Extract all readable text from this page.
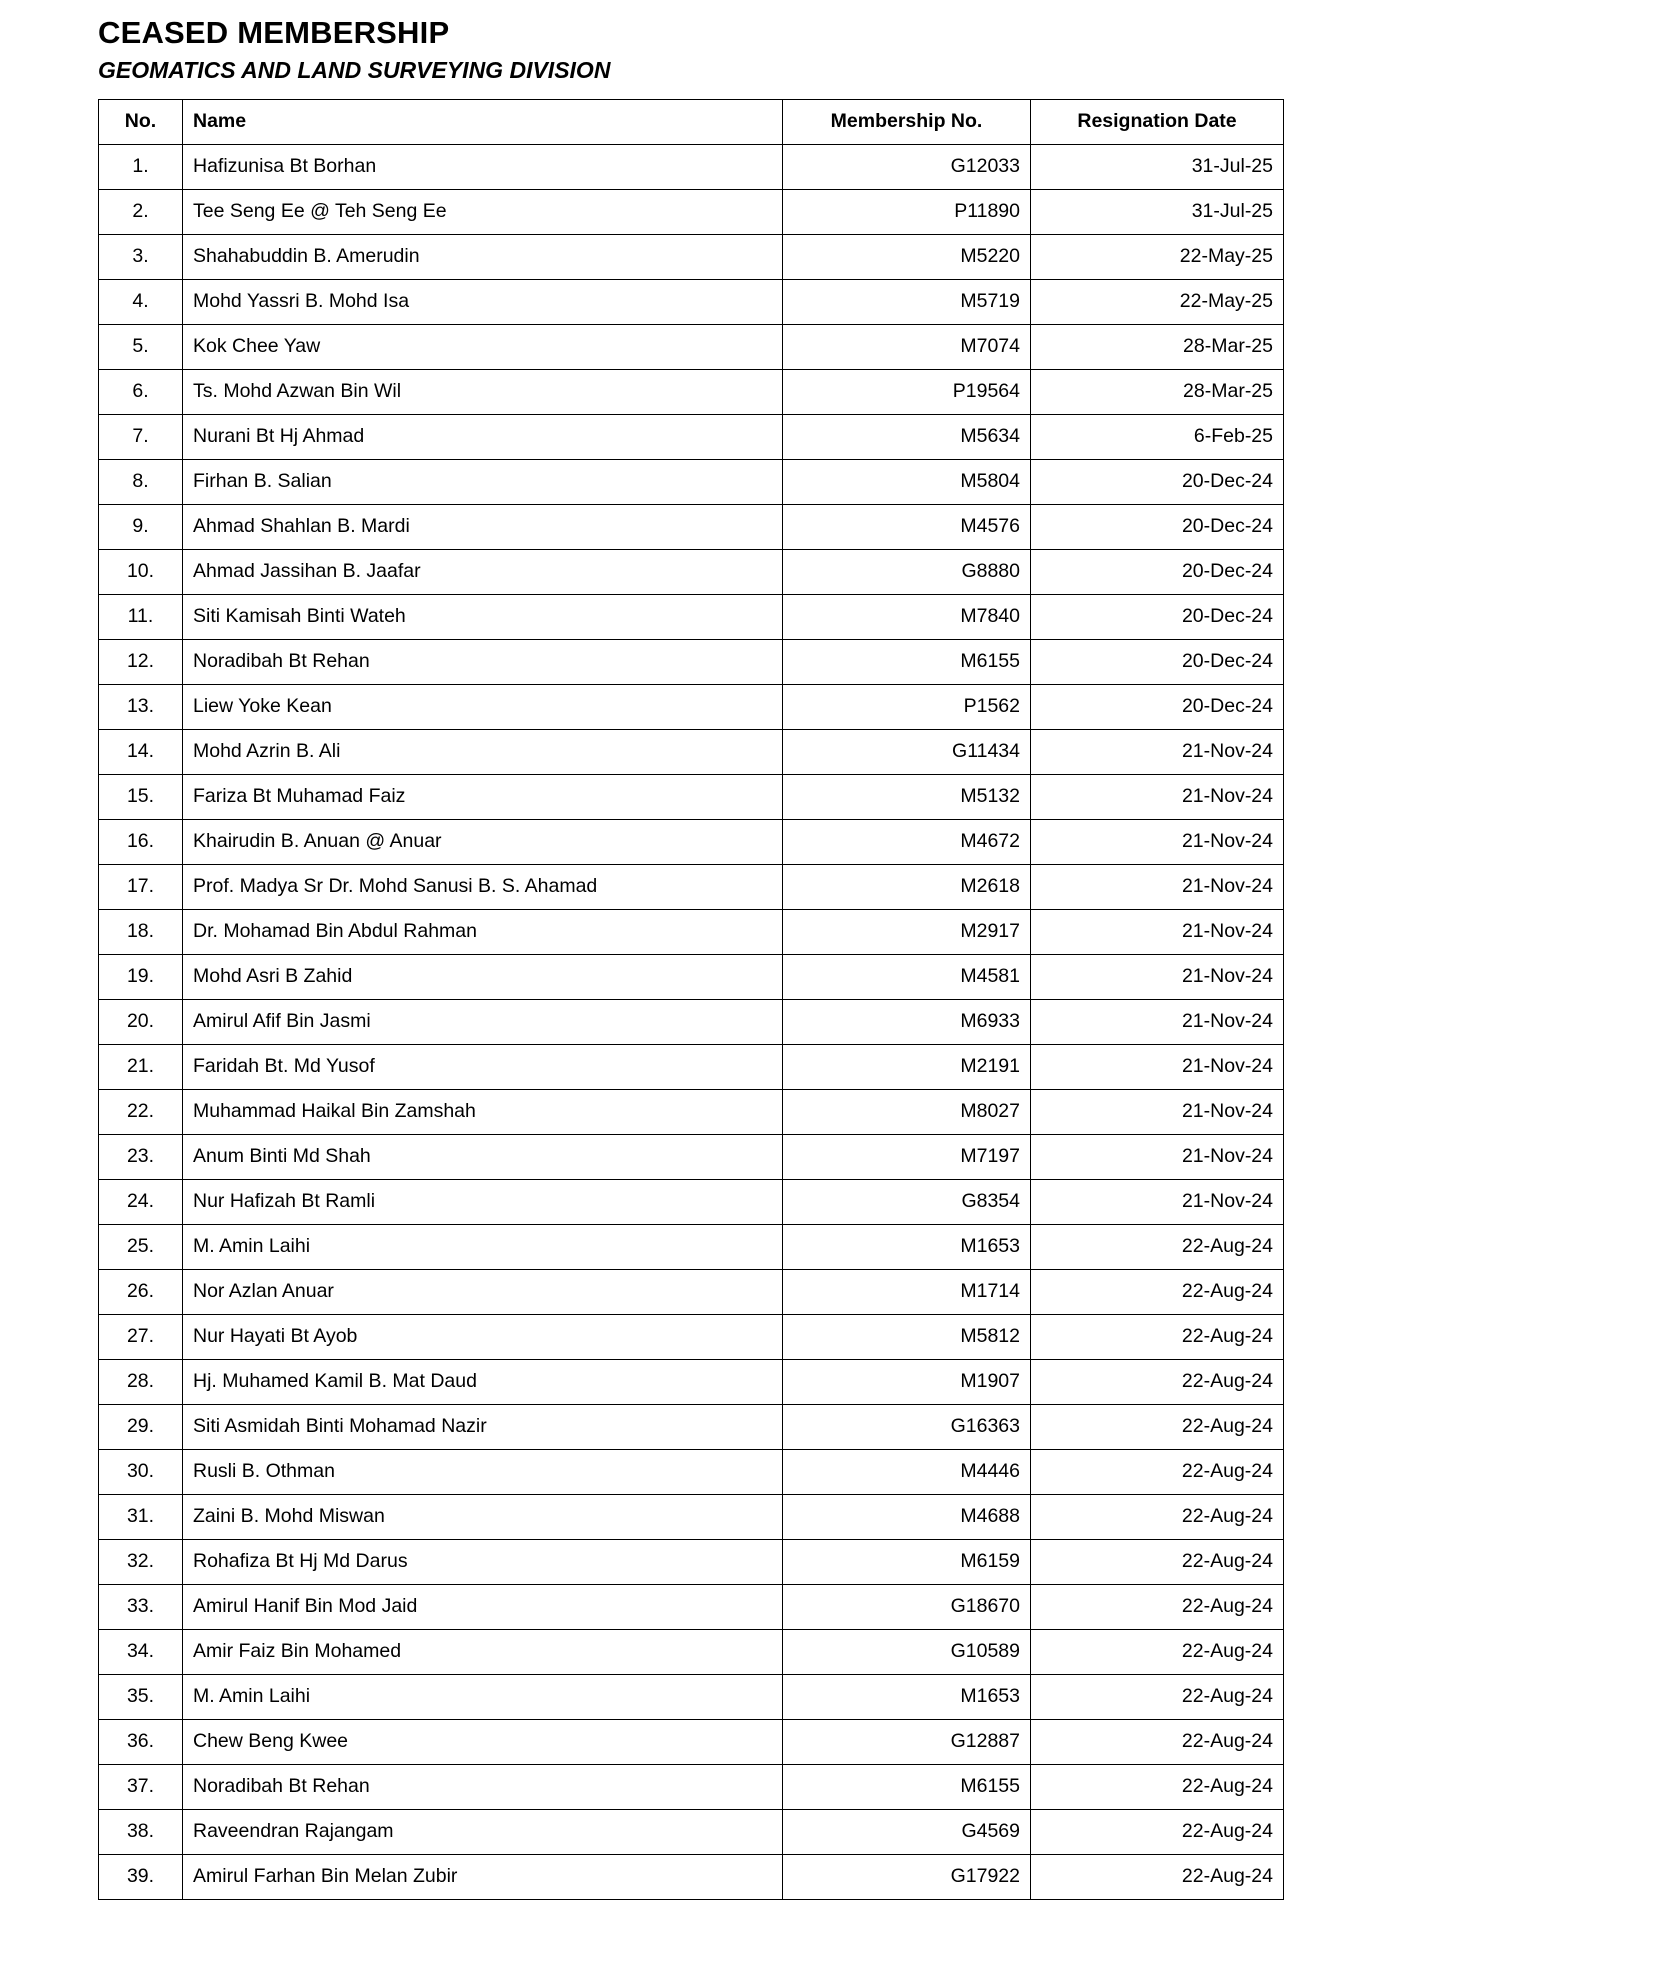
CEASED MEMBERSHIP
GEOMATICS AND LAND SURVEYING DIVISION
No.	Name	Membership No.	Resignation Date
1.	Hafizunisa Bt Borhan	G12033	31-Jul-25
2.	Tee Seng Ee @ Teh Seng Ee	P11890	31-Jul-25
3.	Shahabuddin B. Amerudin	M5220	22-May-25
4.	Mohd Yassri B. Mohd Isa	M5719	22-May-25
5.	Kok Chee Yaw	M7074	28-Mar-25
6.	Ts. Mohd Azwan Bin Wil	P19564	28-Mar-25
7.	Nurani Bt Hj Ahmad	M5634	6-Feb-25
8.	Firhan B. Salian	M5804	20-Dec-24
9.	Ahmad Shahlan B. Mardi	M4576	20-Dec-24
10.	Ahmad Jassihan B. Jaafar	G8880	20-Dec-24
11.	Siti Kamisah Binti Wateh	M7840	20-Dec-24
12.	Noradibah Bt Rehan	M6155	20-Dec-24
13.	Liew Yoke Kean	P1562	20-Dec-24
14.	Mohd Azrin B. Ali	G11434	21-Nov-24
15.	Fariza Bt Muhamad Faiz	M5132	21-Nov-24
16.	Khairudin B. Anuan @ Anuar	M4672	21-Nov-24
17.	Prof. Madya Sr Dr. Mohd Sanusi B. S. Ahamad	M2618	21-Nov-24
18.	Dr. Mohamad Bin Abdul Rahman	M2917	21-Nov-24
19.	Mohd Asri B Zahid	M4581	21-Nov-24
20.	Amirul Afif Bin Jasmi	M6933	21-Nov-24
21.	Faridah Bt. Md Yusof	M2191	21-Nov-24
22.	Muhammad Haikal Bin Zamshah	M8027	21-Nov-24
23.	Anum Binti Md Shah	M7197	21-Nov-24
24.	Nur Hafizah Bt Ramli	G8354	21-Nov-24
25.	M. Amin Laihi	M1653	22-Aug-24
26.	Nor Azlan Anuar	M1714	22-Aug-24
27.	Nur Hayati Bt Ayob	M5812	22-Aug-24
28.	Hj. Muhamed Kamil B. Mat Daud	M1907	22-Aug-24
29.	Siti Asmidah Binti Mohamad Nazir	G16363	22-Aug-24
30.	Rusli B. Othman	M4446	22-Aug-24
31.	Zaini B. Mohd Miswan	M4688	22-Aug-24
32.	Rohafiza Bt Hj Md Darus	M6159	22-Aug-24
33.	Amirul Hanif Bin Mod Jaid	G18670	22-Aug-24
34.	Amir Faiz Bin Mohamed	G10589	22-Aug-24
35.	M. Amin Laihi	M1653	22-Aug-24
36.	Chew Beng Kwee	G12887	22-Aug-24
37.	Noradibah Bt Rehan	M6155	22-Aug-24
38.	Raveendran Rajangam	G4569	22-Aug-24
39.	Amirul Farhan Bin Melan Zubir	G17922	22-Aug-24
